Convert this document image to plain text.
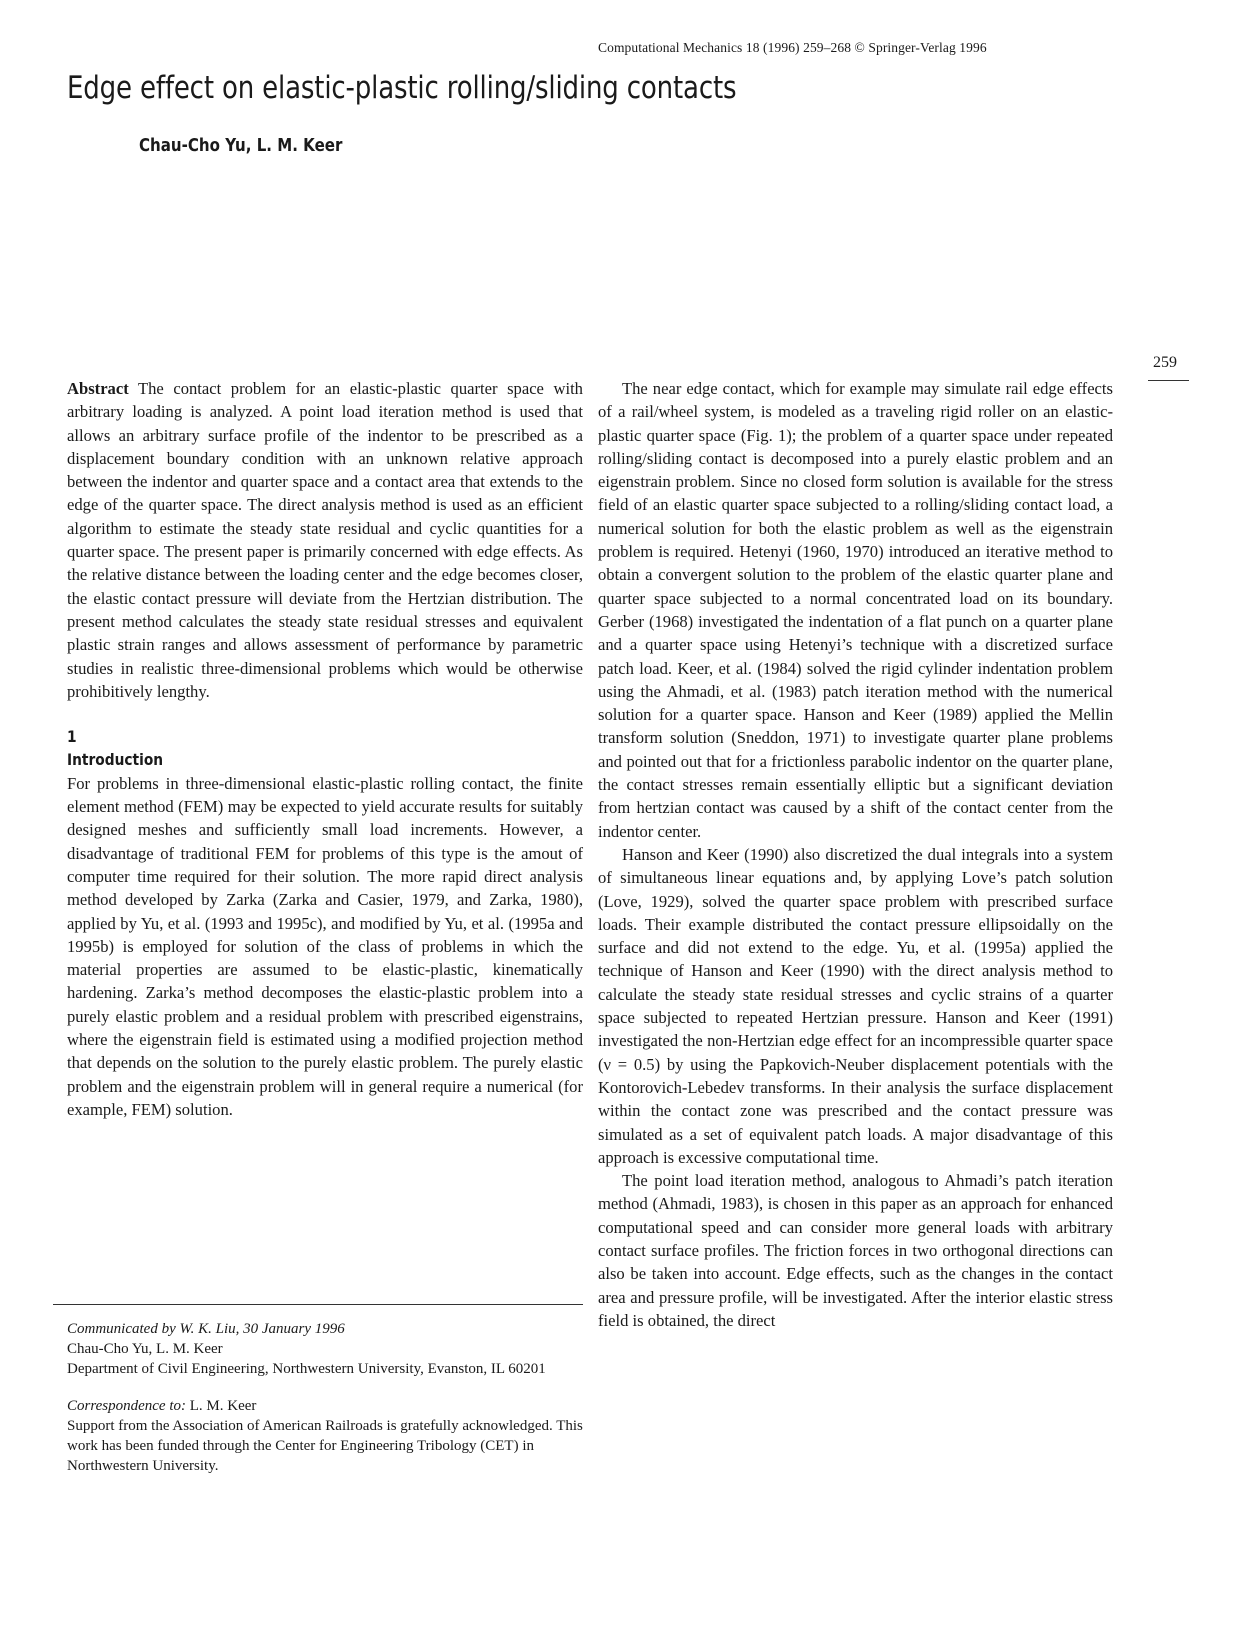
Computational Mechanics 18 (1996) 259–268 © Springer-Verlag 1996
Edge effect on elastic-plastic rolling/sliding contacts
Chau-Cho Yu, L. M. Keer
259

Abstract The contact problem for an elastic-plastic quarter space with arbitrary loading is analyzed. A point load iteration method is used that allows an arbitrary surface profile of the indentor to be prescribed as a displacement boundary condition with an unknown relative approach between the indentor and quarter space and a contact area that extends to the edge of the quarter space. The direct analysis method is used as an efficient algorithm to estimate the steady state residual and cyclic quantities for a quarter space. The present paper is primarily concerned with edge effects. As the relative distance between the loading center and the edge becomes closer, the elastic contact pressure will deviate from the Hertzian distribution. The present method calculates the steady state residual stresses and equivalent plastic strain ranges and allows assessment of performance by parametric studies in realistic three-dimensional problems which would be otherwise prohibitively lengthy.

1
Introduction

For problems in three-dimensional elastic-plastic rolling contact, the finite element method (FEM) may be expected to yield accurate results for suitably designed meshes and sufficiently small load increments. However, a disadvantage of traditional FEM for problems of this type is the amout of computer time required for their solution. The more rapid direct analysis method developed by Zarka (Zarka and Casier, 1979, and Zarka, 1980), applied by Yu, et al. (1993 and 1995c), and modified by Yu, et al. (1995a and 1995b) is employed for solution of the class of problems in which the material properties are assumed to be elastic-plastic, kinematically hardening. Zarka’s method decomposes the elastic-plastic problem into a purely elastic problem and a residual problem with prescribed eigenstrains, where the eigenstrain field is estimated using a modified projection method that depends on the solution to the purely elastic problem. The purely elastic problem and the eigenstrain problem will in general require a numerical (for example, FEM) solution.

Communicated by W. K. Liu, 30 January 1996

Chau-Cho Yu, L. M. Keer

Department of Civil Engineering, Northwestern University, Evanston, IL 60201

Correspondence to: L. M. Keer

Support from the Association of American Railroads is gratefully acknowledged. This work has been funded through the Center for Engineering Tribology (CET) in Northwestern University.

The near edge contact, which for example may simulate rail edge effects of a rail/wheel system, is modeled as a traveling rigid roller on an elastic-plastic quarter space (Fig. 1); the problem of a quarter space under repeated rolling/sliding contact is decomposed into a purely elastic problem and an eigenstrain problem. Since no closed form solution is available for the stress field of an elastic quarter space subjected to a rolling/sliding contact load, a numerical solution for both the elastic problem as well as the eigenstrain problem is required. Hetenyi (1960, 1970) introduced an iterative method to obtain a convergent solution to the problem of the elastic quarter plane and quarter space subjected to a normal concentrated load on its boundary. Gerber (1968) investigated the indentation of a flat punch on a quarter plane and a quarter space using Hetenyi’s technique with a discretized surface patch load. Keer, et al. (1984) solved the rigid cylinder indentation problem using the Ahmadi, et al. (1983) patch iteration method with the numerical solution for a quarter space. Hanson and Keer (1989) applied the Mellin transform solution (Sneddon, 1971) to investigate quarter plane problems and pointed out that for a frictionless parabolic indentor on the quarter plane, the contact stresses remain essentially elliptic but a significant deviation from hertzian contact was caused by a shift of the contact center from the indentor center.

Hanson and Keer (1990) also discretized the dual integrals into a system of simultaneous linear equations and, by applying Love’s patch solution (Love, 1929), solved the quarter space problem with prescribed surface loads. Their example distributed the contact pressure ellipsoidally on the surface and did not extend to the edge. Yu, et al. (1995a) applied the technique of Hanson and Keer (1990) with the direct analysis method to calculate the steady state residual stresses and cyclic strains of a quarter space subjected to repeated Hertzian pressure. Hanson and Keer (1991) investigated the non-Hertzian edge effect for an incompressible quarter space (ν = 0.5) by using the Papkovich-Neuber displacement potentials with the Kontorovich-Lebedev transforms. In their analysis the surface displacement within the contact zone was prescribed and the contact pressure was simulated as a set of equivalent patch loads. A major disadvantage of this approach is excessive computational time.

The point load iteration method, analogous to Ahmadi’s patch iteration method (Ahmadi, 1983), is chosen in this paper as an approach for enhanced computational speed and can consider more general loads with arbitrary contact surface profiles. The friction forces in two orthogonal directions can also be taken into account. Edge effects, such as the changes in the contact area and pressure profile, will be investigated. After the interior elastic stress field is obtained, the direct
